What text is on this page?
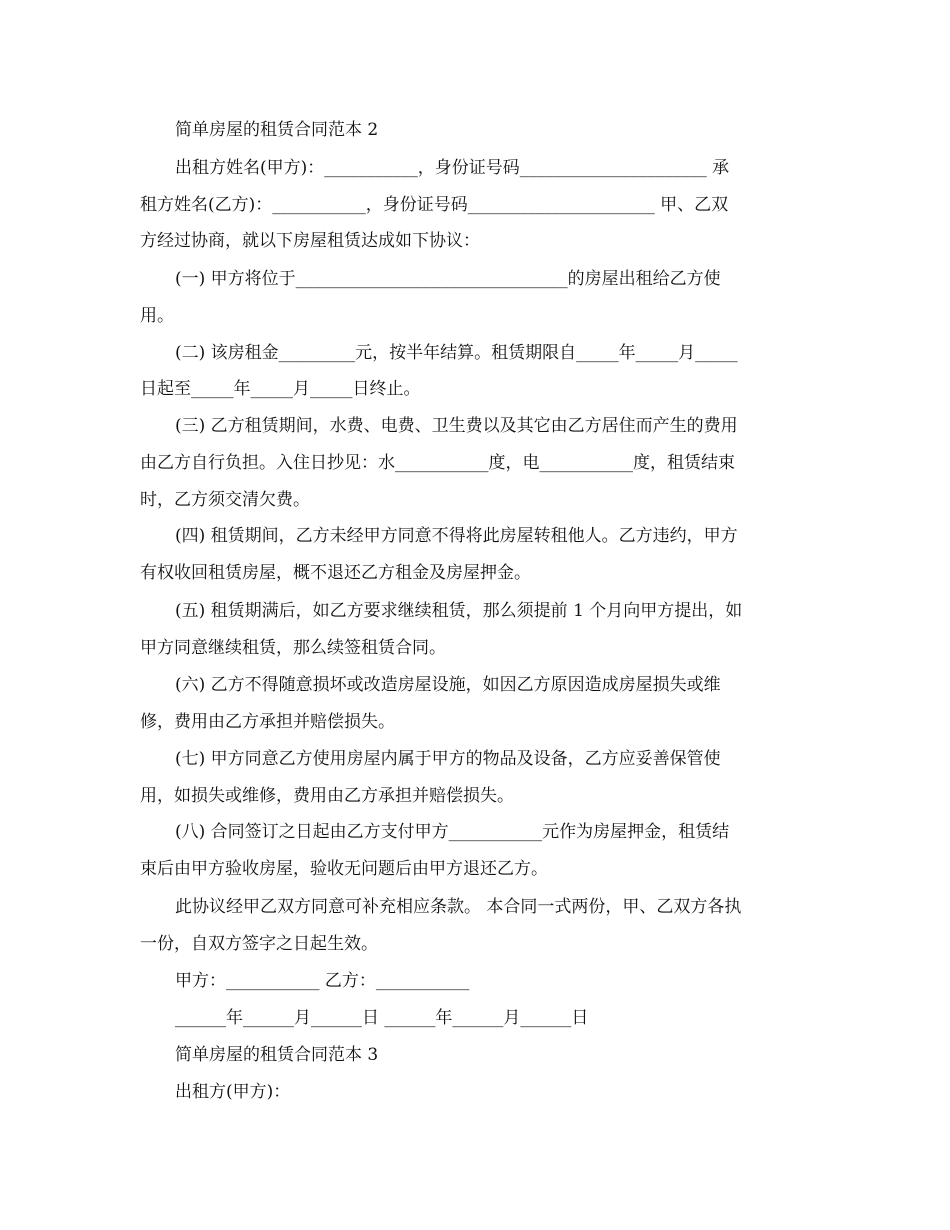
简单房屋的租赁合同范本 2

出租方姓名(甲方)：___________，身份证号码______________________ 承

租方姓名(乙方)：___________，身份证号码______________________ 甲、乙双

方经过协商，就以下房屋租赁达成如下协议：

(一) 甲方将位于________________________________的房屋出租给乙方使

用。

(二) 该房租金_________元，按半年结算。租赁期限自_____年_____月_____

日起至_____年_____月_____日终止。

(三) 乙方租赁期间，水费、电费、卫生费以及其它由乙方居住而产生的费用

由乙方自行负担。入住日抄见：水___________度，电___________度，租赁结束

时，乙方须交清欠费。

(四) 租赁期间，乙方未经甲方同意不得将此房屋转租他人。乙方违约，甲方

有权收回租赁房屋，概不退还乙方租金及房屋押金。

(五) 租赁期满后，如乙方要求继续租赁，那么须提前 1 个月向甲方提出，如

甲方同意继续租赁，那么续签租赁合同。

(六) 乙方不得随意损坏或改造房屋设施，如因乙方原因造成房屋损失或维

修，费用由乙方承担并赔偿损失。

(七) 甲方同意乙方使用房屋内属于甲方的物品及设备，乙方应妥善保管使

用，如损失或维修，费用由乙方承担并赔偿损失。

(八) 合同签订之日起由乙方支付甲方___________元作为房屋押金，租赁结

束后由甲方验收房屋，验收无问题后由甲方退还乙方。

此协议经甲乙双方同意可补充相应条款。 本合同一式两份，甲、乙双方各执

一份，自双方签字之日起生效。

甲方：___________ 乙方：___________

______年______月______日 ______年______月______日

简单房屋的租赁合同范本 3

出租方(甲方)：
